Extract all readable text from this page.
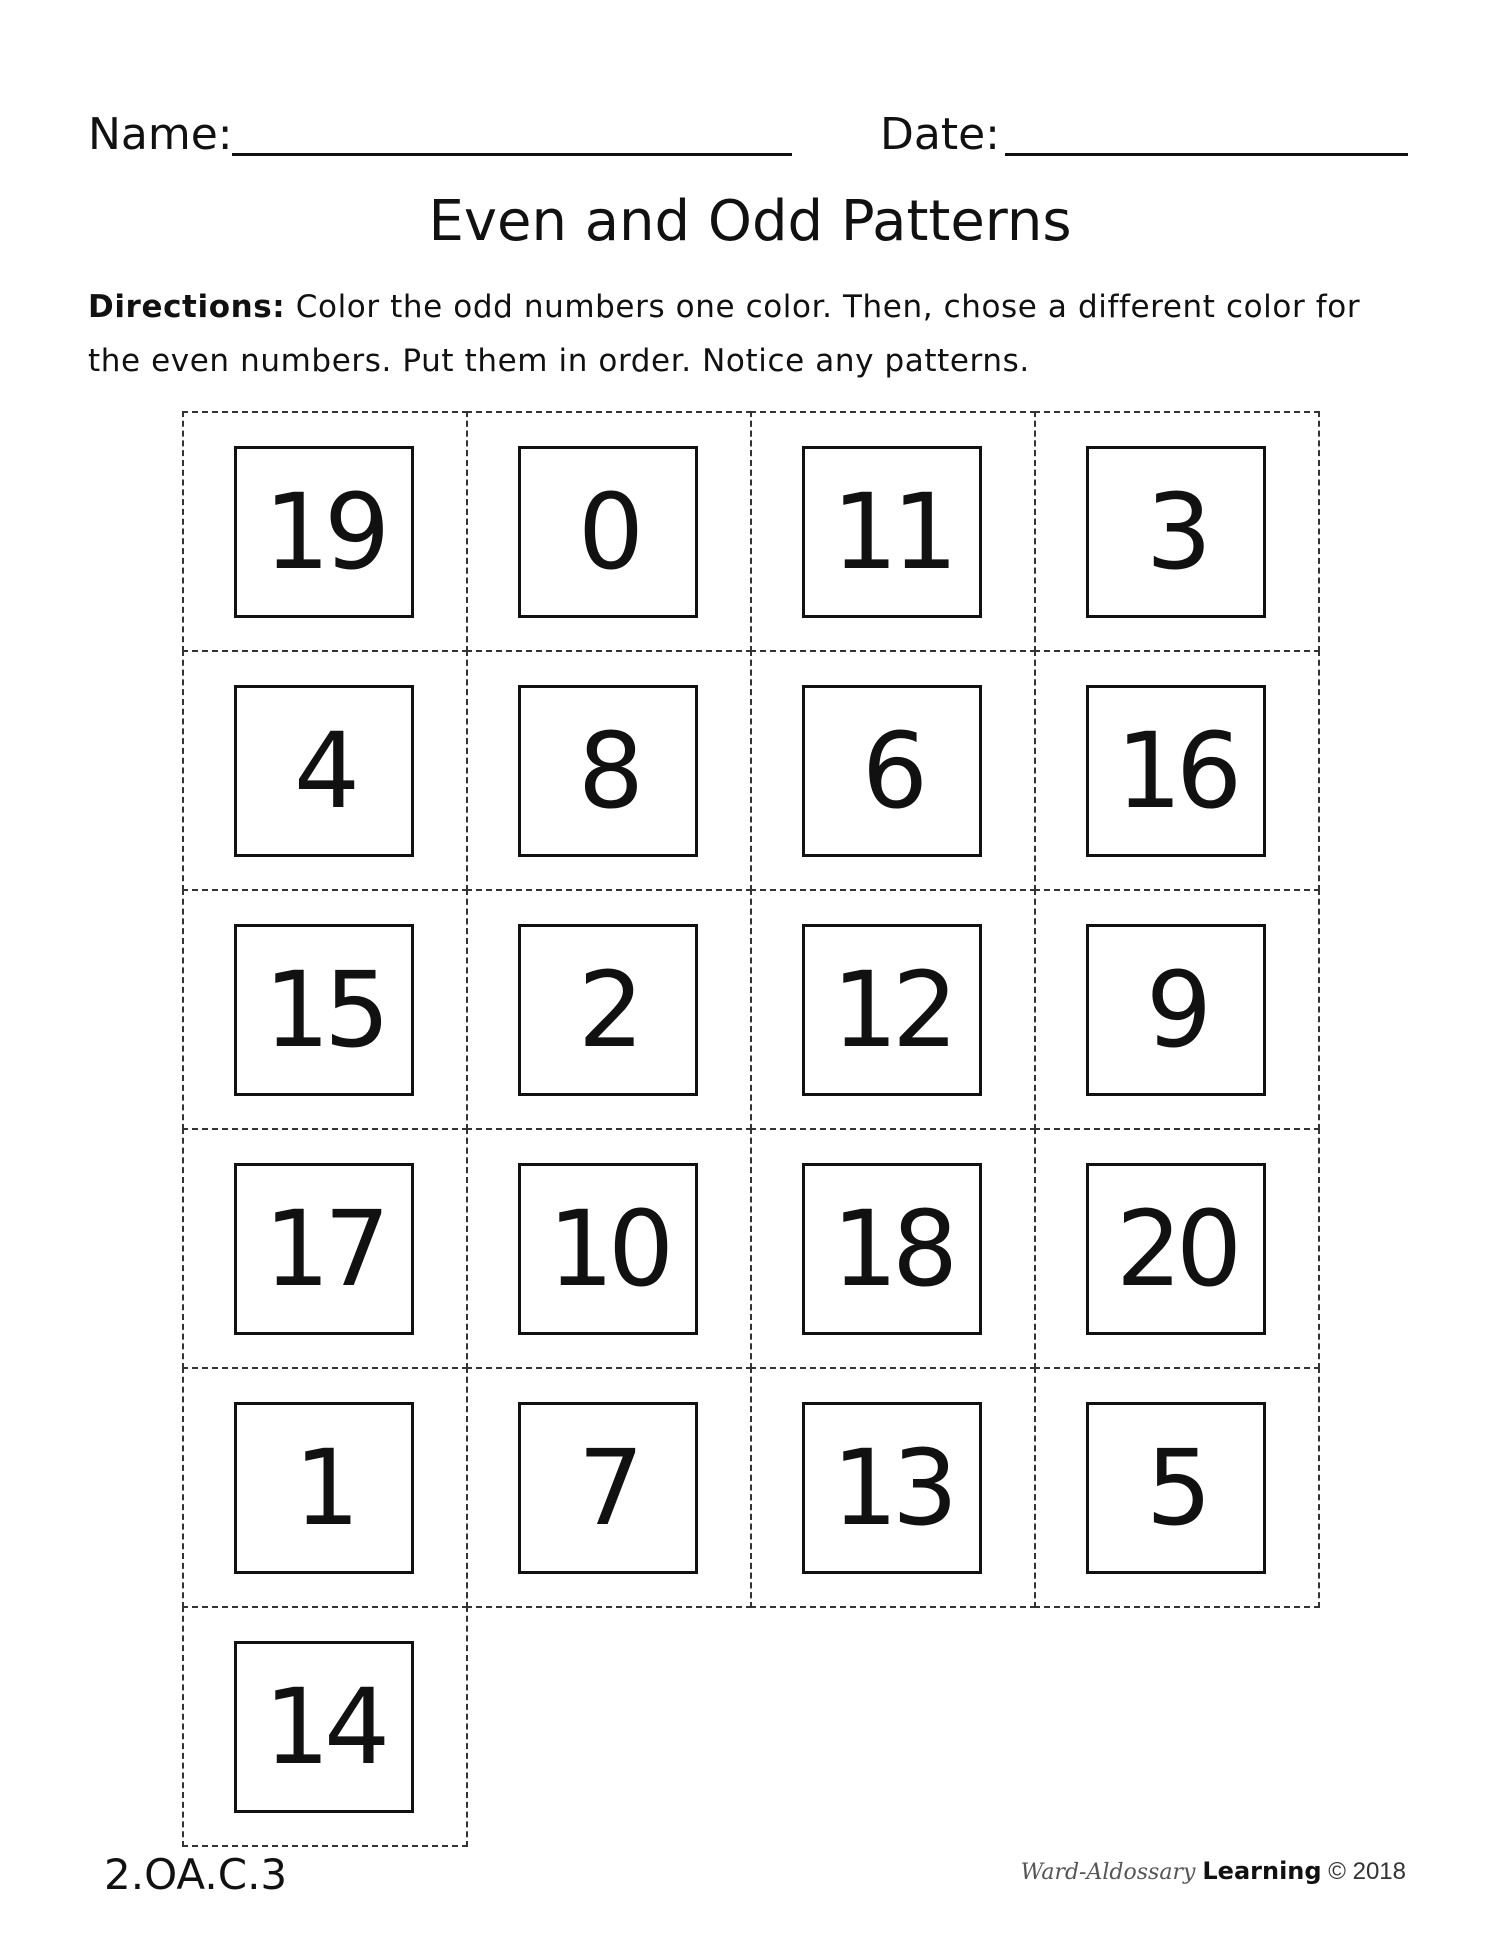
Name:	Date:
Even and Odd Patterns
Directions: Color the odd numbers one color. Then, chose a different color for the even numbers. Put them in order. Notice any patterns.
19	0	11	3
4	8	6	16
15	2	12	9
17 10 18 20
1	7	13	5
14
2.OA.C.3	Ward-Aldossary Learning © 2018
